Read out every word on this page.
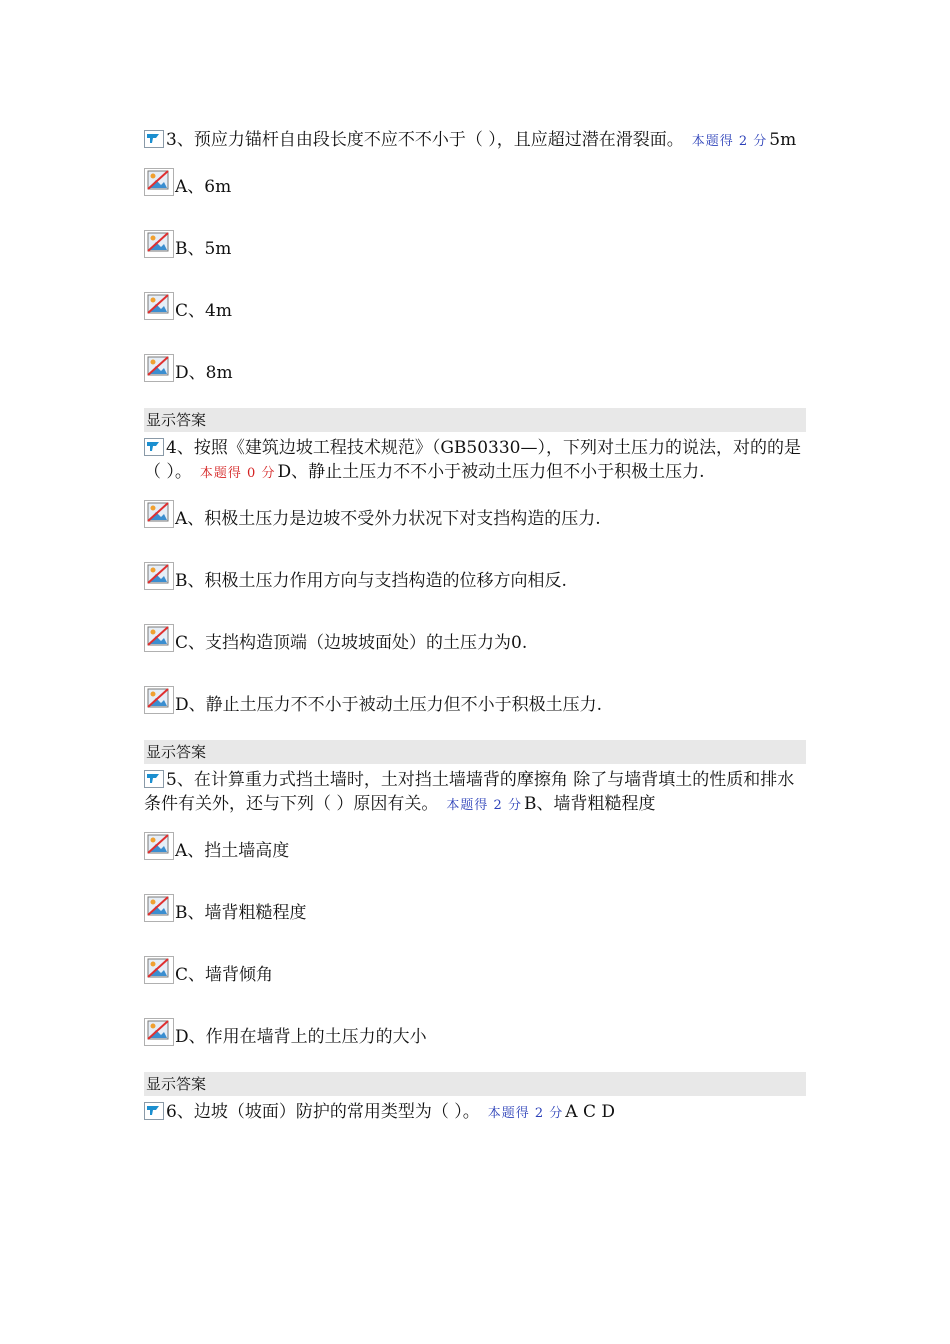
3、预应力锚杆自由段长度不应不不小于（ ），且应超过潜在滑裂面。 本题得 2 分 5m
A、6m
B、5m
C、4m
D、8m
显示答案
4、按照《建筑边坡工程技术规范》（GB50330—），下列对土压力的说法，对的的是（ ）。 本题得 0 分 D、静止土压力不不小于被动土压力但不小于积极土压力.
A、积极土压力是边坡不受外力状况下对支挡构造的压力.
B、积极土压力作用方向与支挡构造的位移方向相反.
C、支挡构造顶端（边坡坡面处）的土压力为0.
D、静止土压力不不小于被动土压力但不小于积极土压力.
显示答案
5、在计算重力式挡土墙时，土对挡土墙墙背的摩擦角 除了与墙背填土的性质和排水条件有关外，还与下列（ ）原因有关。 本题得 2 分 B、墙背粗糙程度
A、挡土墙高度
B、墙背粗糙程度
C、墙背倾角
D、作用在墙背上的土压力的大小
显示答案
6、边坡（坡面）防护的常用类型为（ ）。 本题得 2 分 A C D
